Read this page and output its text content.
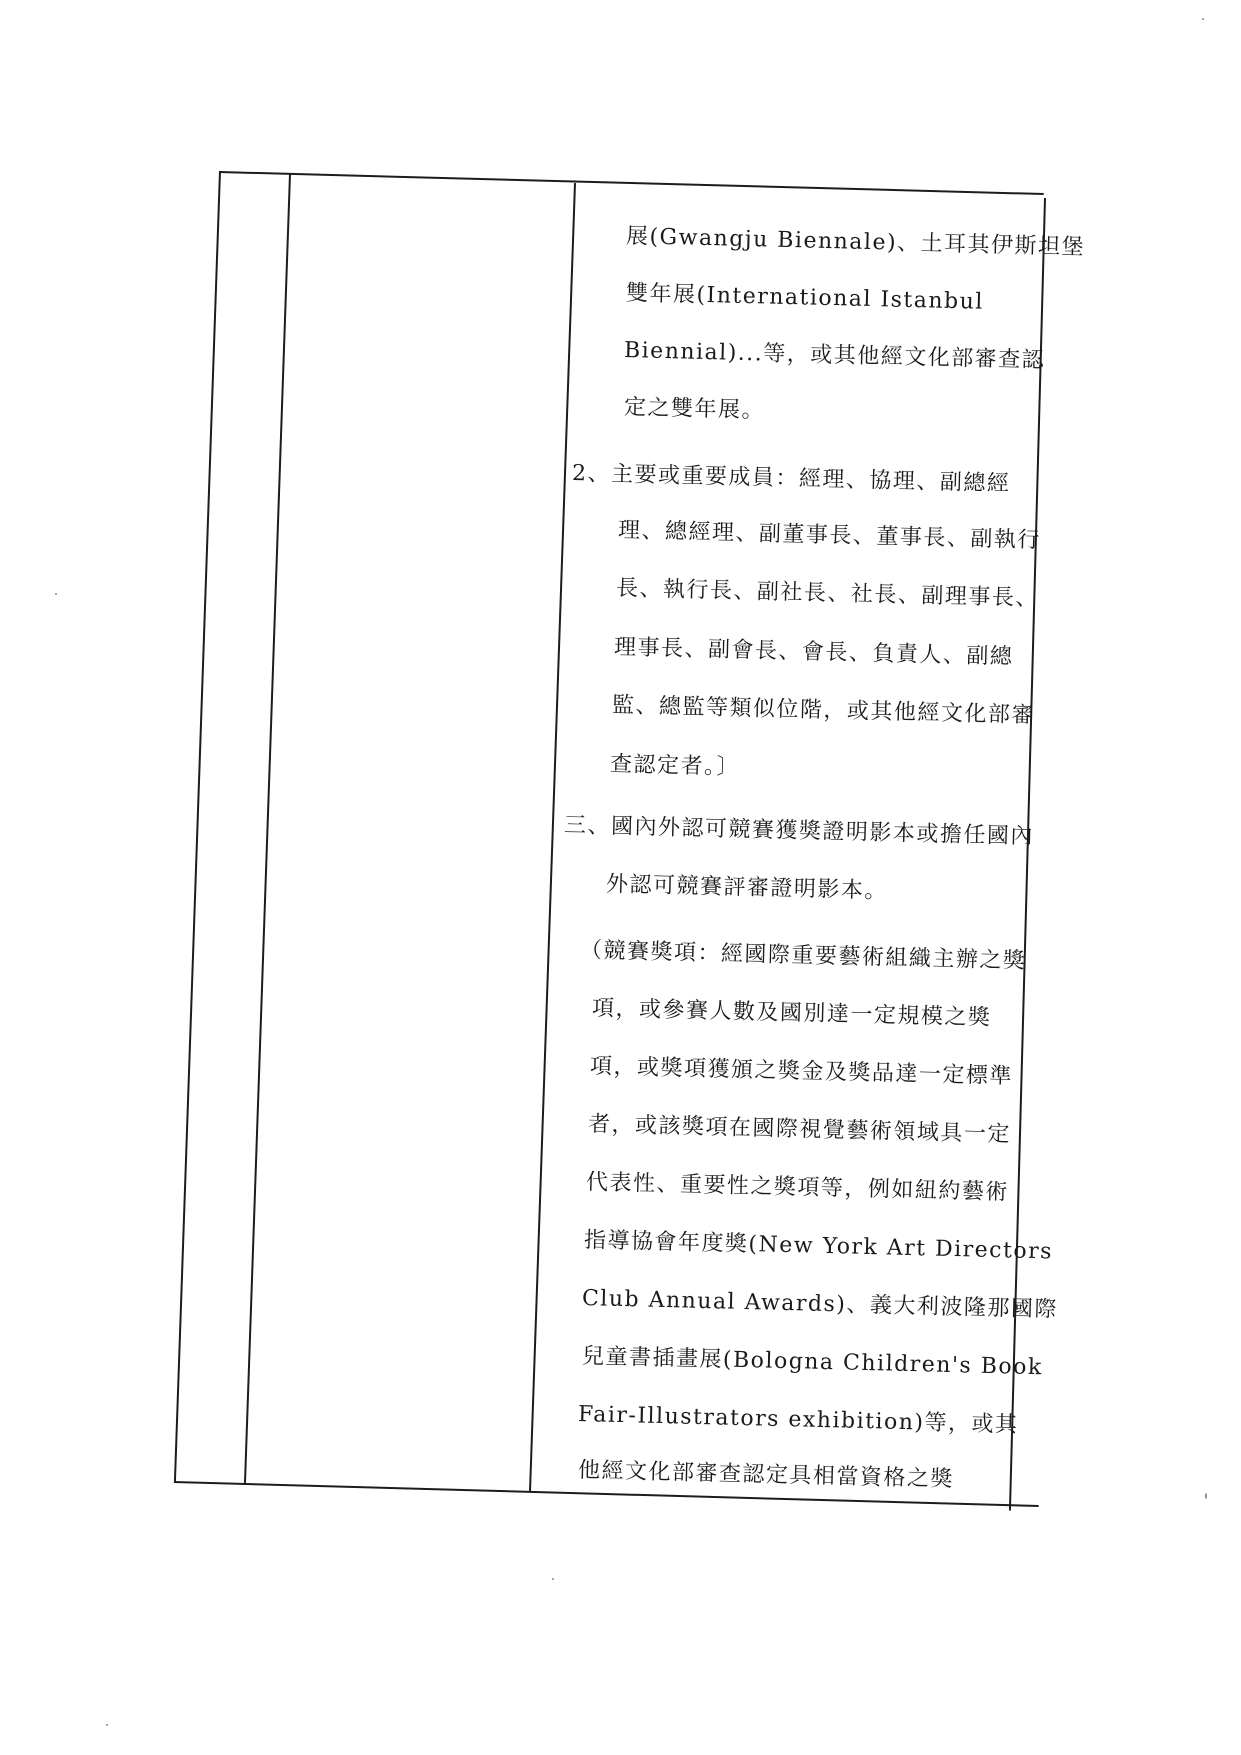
展(Gwangju Biennale)、土耳其伊斯坦堡
雙年展(International Istanbul
Biennial)...等，或其他經文化部審查認
定之雙年展。
2、主要或重要成員：經理、協理、副總經
理、總經理、副董事長、董事長、副執行
長、執行長、副社長、社長、副理事長、
理事長、副會長、會長、負責人、副總
監、總監等類似位階，或其他經文化部審
查認定者。〕
三、國內外認可競賽獲獎證明影本或擔任國內
外認可競賽評審證明影本。
（競賽獎項：經國際重要藝術組織主辦之獎
項，或參賽人數及國別達一定規模之獎
項，或獎項獲頒之獎金及獎品達一定標準
者，或該獎項在國際視覺藝術領域具一定
代表性、重要性之獎項等，例如紐約藝術
指導協會年度獎(New York Art Directors
Club Annual Awards)、義大利波隆那國際
兒童書插畫展(Bologna Children's Book
Fair-Illustrators exhibition)等，或其
他經文化部審查認定具相當資格之獎
